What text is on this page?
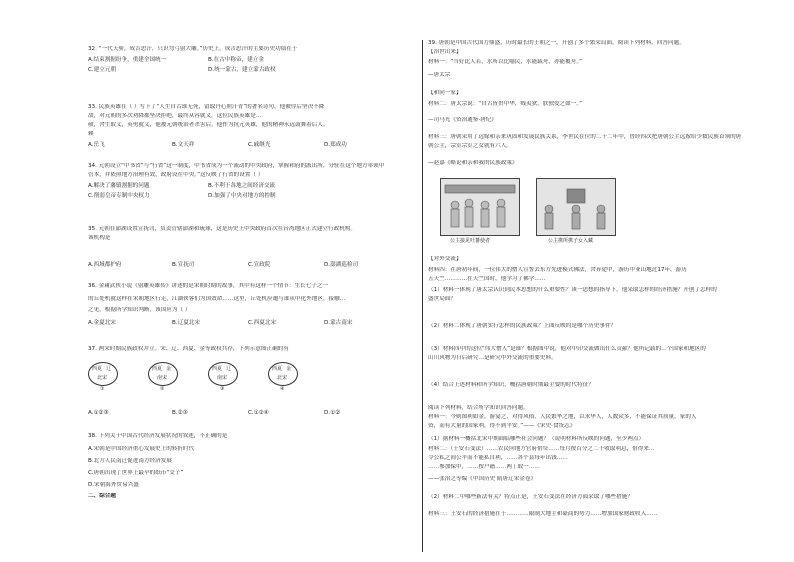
32. “一代天骄，成吉思汗，只识弯弓射大雕。”历史上，成吉思汗的主要历史功绩在于
A.结束割据纷争，重建全国统一	B.在古中称帝，建立金
C.建立元朝	D.统一蒙古，建立蒙古政权
33. 民族英雄在（ ）写下了“人生自古谁无死，留取丹心照汗青”的著名诗句，他被俘后坚决不降
敌，对元朝的多次劝降都坚决拒绝，最终从容就义。这位民族英雄是…
敬，舍生取义，英勇就义，他被元朝统治者杀害后，他作为抗元英雄，他的精神永远鼓舞着后人。
赖
A.岳飞	B.文天祥	C.戚继光	D.郑成功
34. 元朝设立“中书省”与“行省”这一制度，中书省成为一个流动的中央政府，掌握和府的派出所，分驻在这个地方率领中
管本，并依照地方治理有效，政府设在中央。”这反映了行省的设置（ ）
A.解决了藩镇割据的问题	B.不利于各地之间经济交流
C.削弱皇帝专制中央权力	D.加强了中央对地方的控制
35. 元朝在澎湖设置宣抚司，负责管辖澎湖和琉球，这是历史上中央政府首次在台湾地区正式建立行政机构。
该机构是
A.西域都护府	B.宣抚司	C.宣政院	D.澎湖巡检司
36. 金庸武侠小说《射雕英雄传》讲述的是宋朝时期的故事，其中有这样一个情节：生长七子之一
的丘处机就这样在宋朝地区行走，江湖侠客们为国效命……这里，丘处机应邀与谁从中化外地区，接触…
之见，根据所学知识判断，该国应为（ ）
A.金夏北宋	B.辽夏北宋	C.西夏北宋	D.蒙古南宋
37. 两宋时期民族政权并立。宋、辽、西夏、金等政权共存，下列示意图正确的有
西夏 辽
北宋
①
西夏 金
南宋
②
西夏 辽
南宋
③
西夏 金
北宋
④
A.①②③	B.②③	C.①②④	D.①②
38. 下列关于中国古代经济发展状况的叙述，不正确的是
A.宋朝是中国经济重心发展史上的转折时代
B.北方人民南迁促进南方经济发展
C.唐朝出现了世界上最早的纸币“交子”
D.宋朝海外贸易兴盛
二、综合题
39. 唐朝是中国古代国力鼎盛，历时最长的王朝之一，开创了多个繁荣局面。阅读下列材料，回答问题。
【治世出来】
材料一：“当好比人若，水所以比喻民，水能载舟，亦能覆舟。”
—唐太宗
【和同一家】
材料二：唐太宗说：“自古皆贵中华，贱夷狄，朕独爱之如一。”
—司马光《资治通鉴·唐纪》
材料三：唐朝采用了远嫁和亲来巩固和发展民族关系，李世民在位的二十二年中，曾经四次把唐朝公主远嫁给少数民族首领的唐
朝公主，宗室宗室之女就有六人。
—赵嘉《略论和亲和我的民族政策》
公主接见吐蕃使者	公主携所携子女入藏
【对外交流】
材料四：在唐初年间，一位伟大的僧人宣誓去东方先进模式佛法，舍弃途中，游历中亚山地过17年，游历
五天竺…………在天竺国时，他学习了佛学……
（1）材料一体现了唐太宗认识到民本思想的什么重要性？该一思想的指导下，他采取怎样的经济措施？开创了怎样的
盛世局面？
（2）材料二体现了唐朝实行怎样的民族政策？上图反映的是哪个历史事件？
（3）材料四中的这位“伟大僧人”是谁？根据图中说，他对中印交流做出什么贡献？他所记载的…个国家和地区的
山川风物为日后研究…是研究中外交流的重要史料。
（4）结合上述材料和所学知识，概括唐朝时期最主要的时代特征？
阅读下列材料，结合所学知识回答问题。
材料一：今则图利如金，游宴之，对得风俗，人民繁华之地，以求华人，人数众多，不能保证其质量，家的人
资，而有大量的国家利，得不到平安。”——《宋史·食货志》
（1）据材料一概括北宋中期面临哪些社会问题？（说明材料所反映的问题，至少两点）
材料二：（王安石变法）……农民向地方官府借贷……每月按百分之二十收取利息，借得来…
令公私之间公平而不能私自利，……各个县每年出钱……
……参加保甲，……按户籍……两丁取一……
——张治之等编《中国历史 隋唐辽宋金卷》
（2）材料二中哪些新法有关？特点正是，王安石变法在经济方面采取了哪些措施？
材料三：王安石的经济措施在于…………限制大地主和豪商的势力……增加国家财政收入……
